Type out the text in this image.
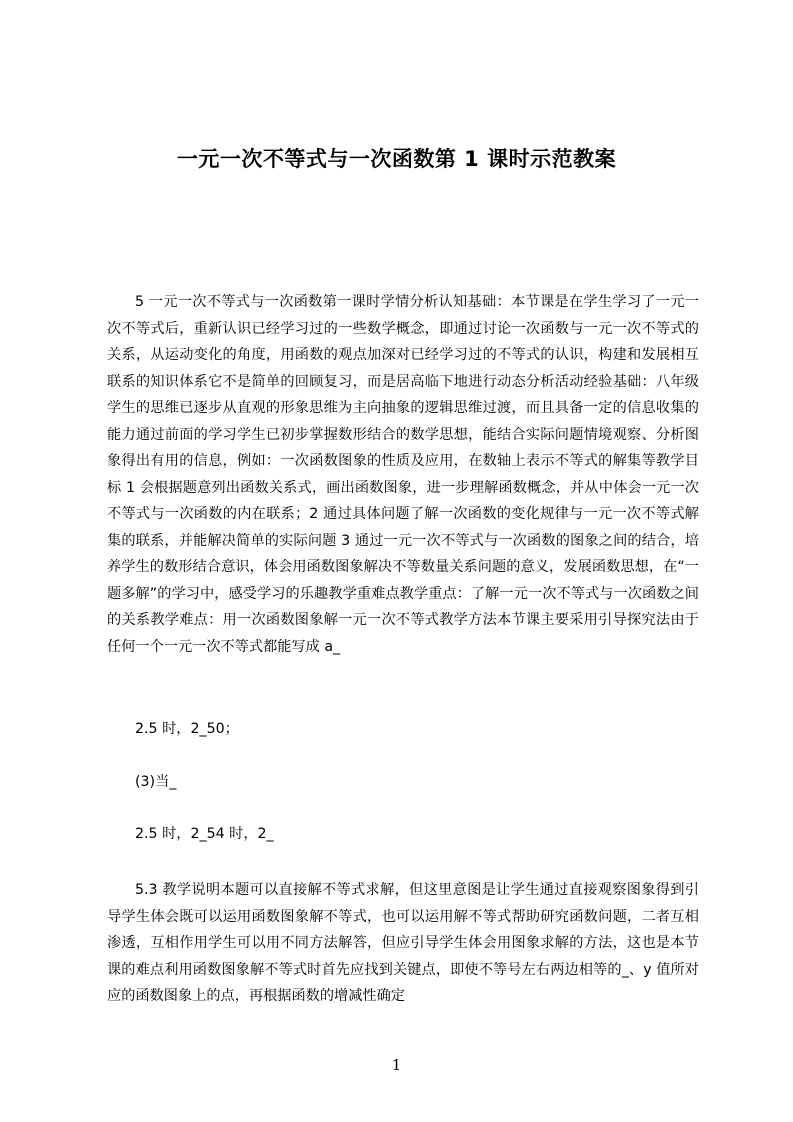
一元一次不等式与一次函数第 1 课时示范教案

5 一元一次不等式与一次函数第一课时学情分析认知基础：本节课是在学生学习了一元一次不等式后，重新认识已经学习过的一些数学概念，即通过讨论一次函数与一元一次不等式的关系，从运动变化的角度，用函数的观点加深对已经学习过的不等式的认识，构建和发展相互联系的知识体系它不是简单的回顾复习，而是居高临下地进行动态分析活动经验基础：八年级学生的思维已逐步从直观的形象思维为主向抽象的逻辑思维过渡，而且具备一定的信息收集的能力通过前面的学习学生已初步掌握数形结合的数学思想，能结合实际问题情境观察、分析图象得出有用的信息，例如：一次函数图象的性质及应用，在数轴上表示不等式的解集等教学目标 1 会根据题意列出函数关系式，画出函数图象，进一步理解函数概念，并从中体会一元一次不等式与一次函数的内在联系；2 通过具体问题了解一次函数的变化规律与一元一次不等式解集的联系，并能解决简单的实际问题 3 通过一元一次不等式与一次函数的图象之间的结合，培养学生的数形结合意识，体会用函数图象解决不等数量关系问题的意义，发展函数思想，在“一题多解”的学习中，感受学习的乐趣教学重难点教学重点：了解一元一次不等式与一次函数之间的关系教学难点：用一次函数图象解一元一次不等式教学方法本节课主要采用引导探究法由于任何一个一元一次不等式都能写成 a_

2.5 时，2_50；

(3)当_

2.5 时，2_54 时，2_

5.3 教学说明本题可以直接解不等式求解，但这里意图是让学生通过直接观察图象得到引导学生体会既可以运用函数图象解不等式，也可以运用解不等式帮助研究函数问题，二者互相渗透，互相作用学生可以用不同方法解答，但应引导学生体会用图象求解的方法，这也是本节课的难点利用函数图象解不等式时首先应找到关键点，即使不等号左右两边相等的_、y 值所对应的函数图象上的点，再根据函数的增减性确定

1
